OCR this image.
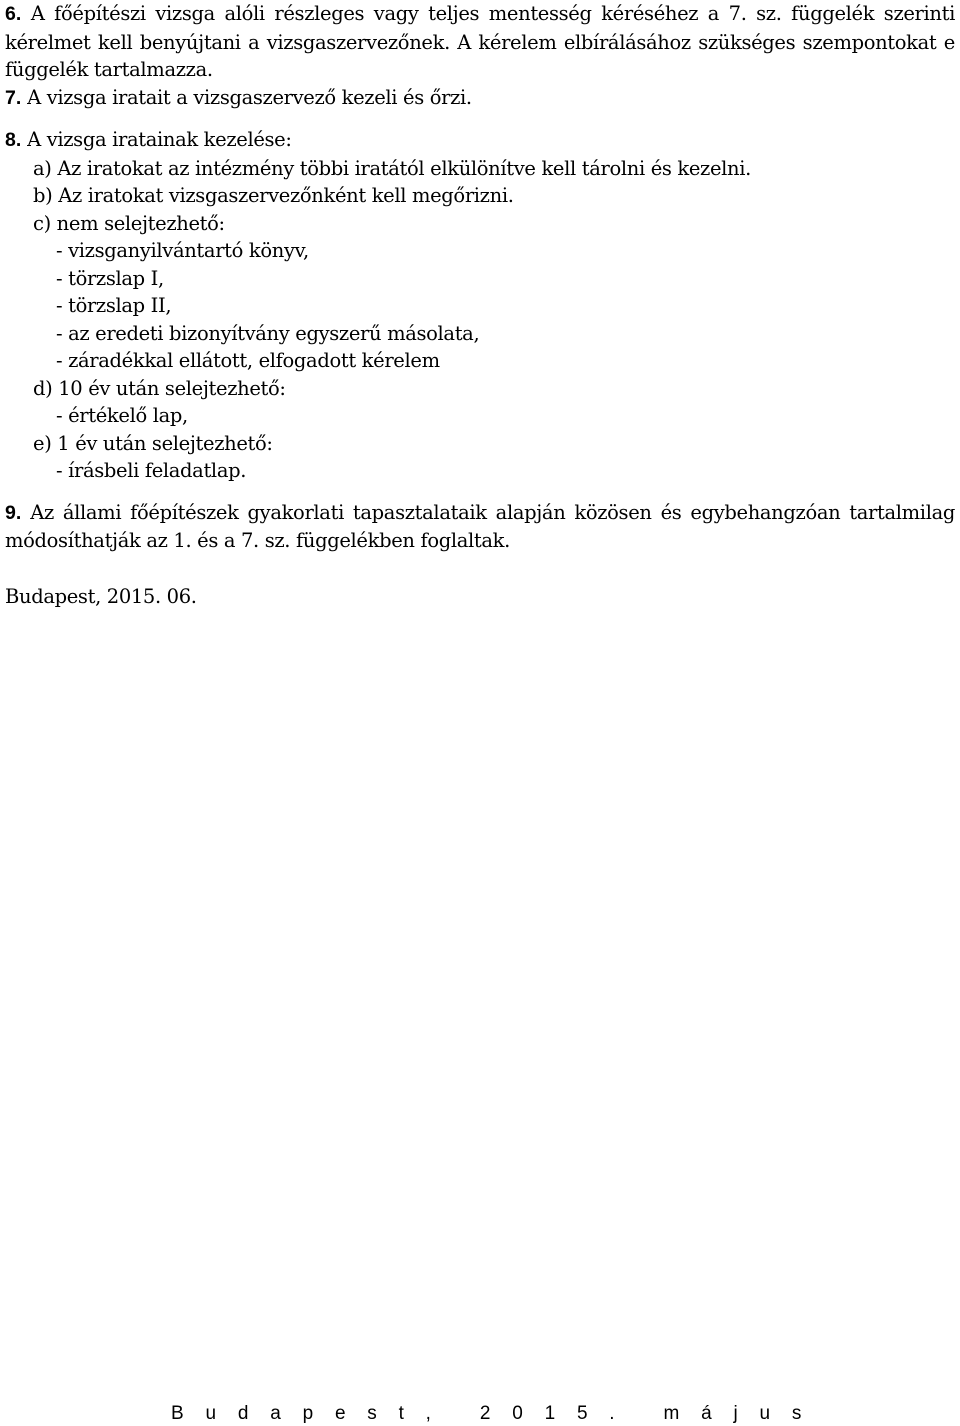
6. A főépítészi vizsga alóli részleges vagy teljes mentesség kéréséhez a 7. sz. függelék szerinti kérelmet kell benyújtani a vizsgaszervezőnek. A kérelem elbírálásához szükséges szempontokat e függelék tartalmazza.

7. A vizsga iratait a vizsgaszervező kezeli és őrzi.

8. A vizsga iratainak kezelése:

a) Az iratokat az intézmény többi iratától elkülönítve kell tárolni és kezelni.
b) Az iratokat vizsgaszervezőnként kell megőrizni.
c) nem selejtezhető:
- vizsganyilvántartó könyv,
- törzslap I,
- törzslap II,
- az eredeti bizonyítvány egyszerű másolata,
- záradékkal ellátott, elfogadott kérelem
d) 10 év után selejtezhető:
- értékelő lap,
e) 1 év után selejtezhető:
- írásbeli feladatlap.

9. Az állami főépítészek gyakorlati tapasztalataik alapján közösen és egybehangzóan tartalmilag módosíthatják az 1. és a 7. sz. függelékben foglaltak.

Budapest, 2015. 06.

Budapest, 2015. május
